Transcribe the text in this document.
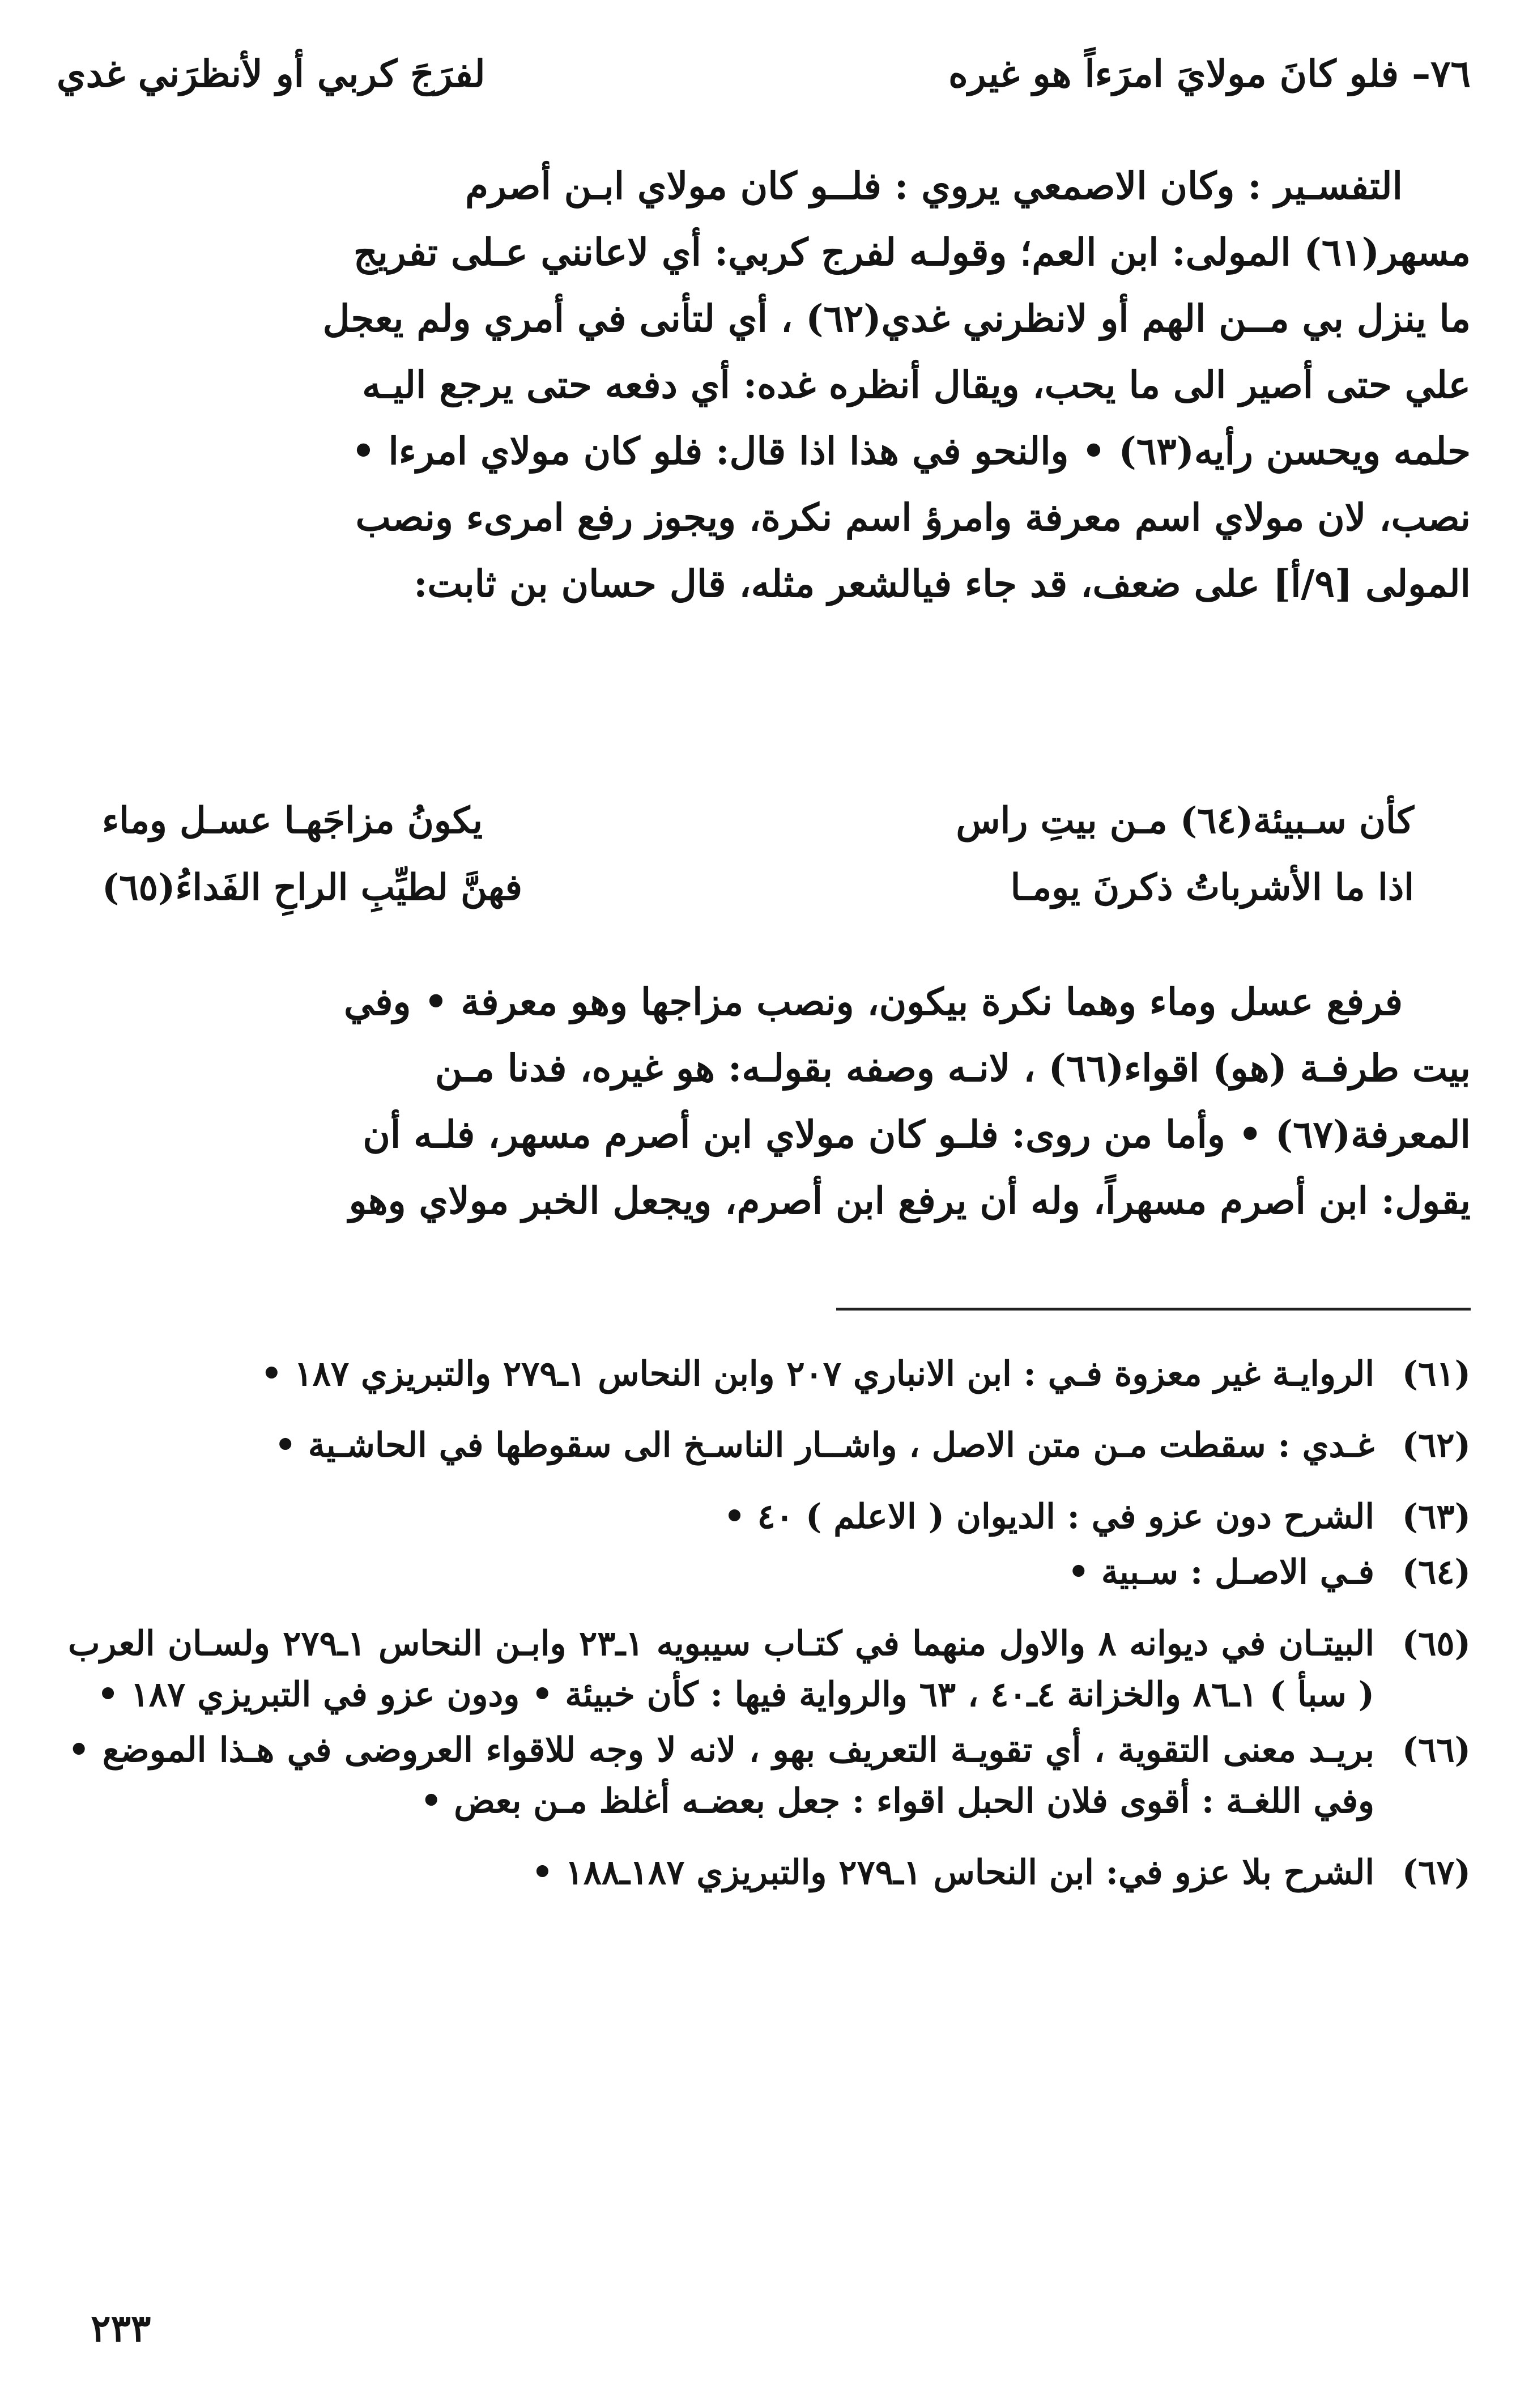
٧٦– فلو كانَ مولايَ امرَءاً هو غيره
لفرَجَ كربي أو لأنظرَني غدي

التفسـير : وكان الاصمعي يروي : فلــو كان مولاي ابـن أصرم

مسهر(٦١) المولى: ابن العم؛ وقولـه لفرج كربي: أي لاعانني عـلى تفريج

ما ينزل بي مــن الهم أو لانظرني غدي(٦٢) ، أي لتأنى في أمري ولم يعجل

علي حتى أصير الى ما يحب، ويقال أنظره غده: أي دفعه حتى يرجع اليـه

حلمه ويحسن رأيه(٦٣) • والنحو في هذا اذا قال: فلو كان مولاي امرءا •

نصب، لان مولاي اسم معرفة وامرؤ اسم نكرة، ويجوز رفع امرىء ونصب

المولى [٩/أ] على ضعف، قد جاء فيالشعر مثله، قال حسان بن ثابت:

كأن سـبيئة(٦٤) مـن بيتِ راس
يكونُ مزاجَهـا عسـل وماء
اذا ما الأشرباتُ ذكرنَ يومـا
فهنَّ لطيِّبِ الراحِ الفَداءُ(٦٥)

فرفع عسل وماء وهما نكرة بيكون، ونصب مزاجها وهو معرفة • وفي

بيت طرفـة (هو) اقواء(٦٦) ، لانـه وصفه بقولـه: هو غيره، فدنا مـن

المعرفة(٦٧) • وأما من روى: فلـو كان مولاي ابن أصرم مسهر، فلـه أن

يقول: ابن أصرم مسهراً، وله أن يرفع ابن أصرم، ويجعل الخبر مولاي وهو

(٦١)
الروايـة غير معزوة فـي : ابن الانباري ٢٠٧ وابن النحاس ١ـ٢٧٩ والتبريزي ١٨٧ •
(٦٢)
غـدي : سقطت مـن متن الاصل ، واشــار الناسـخ الى سقوطها في الحاشـية •
(٦٣)
الشرح دون عزو في : الديوان ( الاعلم ) ٤٠ •
(٦٤)
فـي الاصـل : سـبية •
(٦٥)
البيتـان في ديوانه ٨ والاول منهما في كتـاب سيبويه ١ـ٢٣ وابـن النحاس ١ـ٢٧٩ ولسـان العرب ( سبأ ) ١ـ٨٦ والخزانة ٤ـ٤٠ ، ٦٣ والرواية فيها : كأن خبيئة • ودون عزو في التبريزي ١٨٧ •
(٦٦)
بريـد معنى التقوية ، أي تقويـة التعريف بهو ، لانه لا وجه للاقواء العروضى في هـذا الموضع • وفي اللغـة : أقوى فلان الحبل اقواء : جعل بعضـه أغلظ مـن بعض •
(٦٧)
الشرح بلا عزو في: ابن النحاس ١ـ٢٧٩ والتبريزي ١٨٧ـ١٨٨ •
٢٣٣
